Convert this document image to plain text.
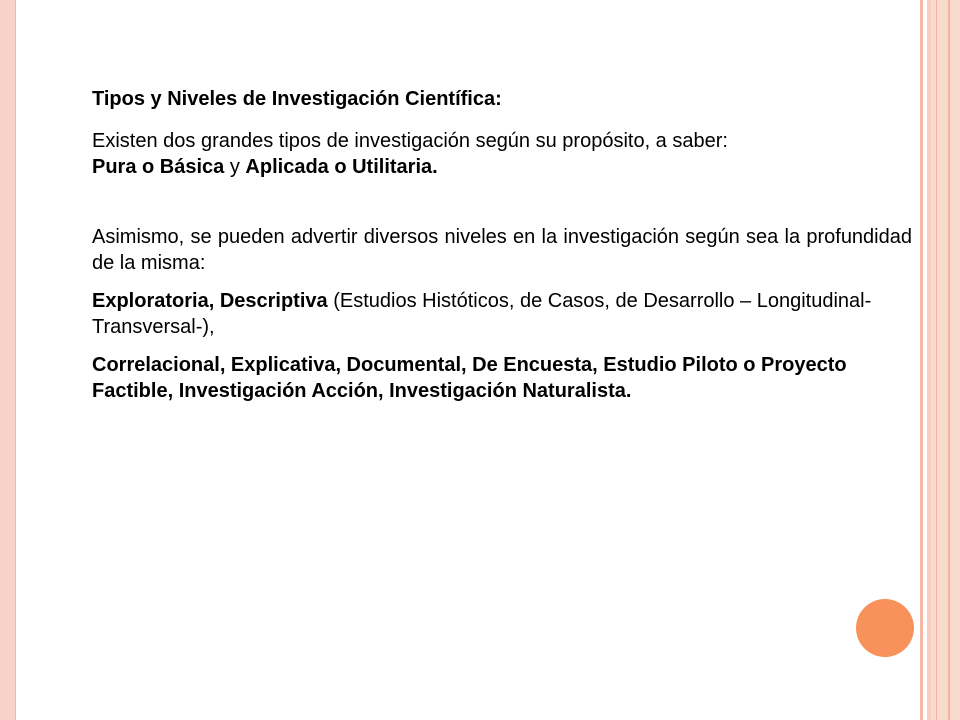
Tipos y Niveles de Investigación Científica:

Existen dos grandes tipos de investigación según su propósito, a saber:
Pura o Básica y Aplicada o Utilitaria.

Asimismo, se pueden advertir diversos niveles en la investigación según sea la profundidad de la misma:

Exploratoria, Descriptiva (Estudios Históticos, de Casos, de Desarrollo – Longitudinal-Transversal-),

Correlacional, Explicativa, Documental, De Encuesta, Estudio Piloto o Proyecto Factible, Investigación Acción, Investigación Naturalista.
